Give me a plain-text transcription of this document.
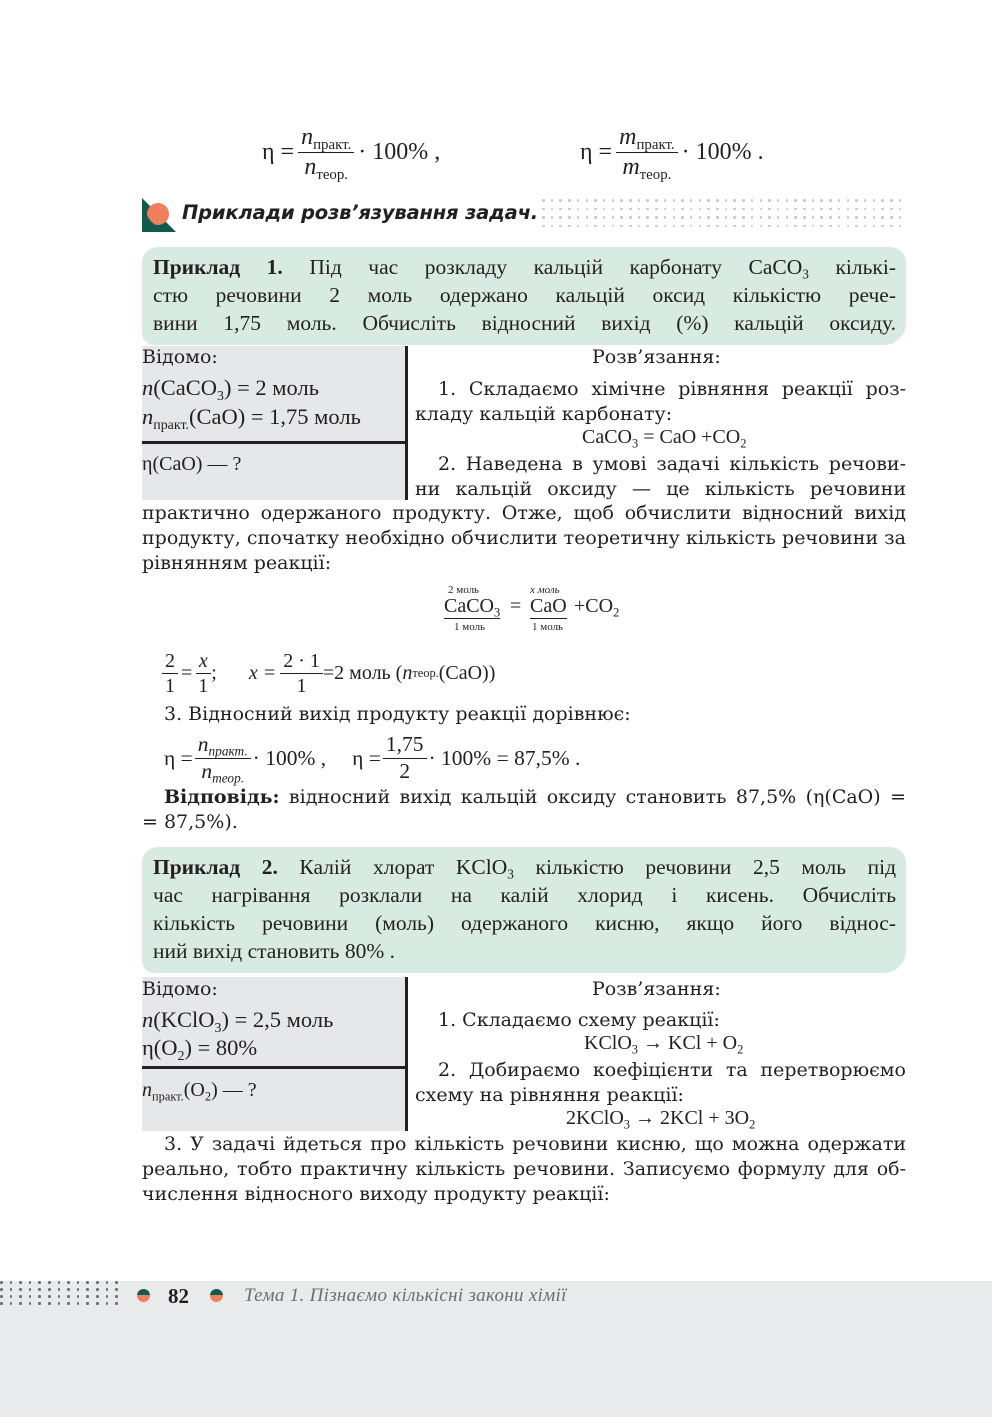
$\eta = \frac{n_{практ.}}{n_{теор.}} \cdot 100\%$ ,	$\eta = \frac{m_{практ.}}{m_{теор.}} \cdot 100\%$ .
Приклади розв’язування задач.
Приклад 1. Під час розкладу кальцій карбонату CaCO$_3$ кількі-
стю речовини 2 моль одержано кальцій оксид кількістю рече-
вини 1,75 моль. Обчисліть відносний вихід (%) кальцій оксиду.
Відомо:
n(CaCO$_3$) = 2 моль
$n_{практ.}(CaO) = 1,75$ моль
η(CaO) — ?
Розв’язання:
1. Складаємо хімічне рівняння реакції роз-
кладу кальцій карбонату:
CaCO$_3$ = CaO $+CO_2$
2. Наведена в умові задачі кількість речови-
ни кальцій оксиду — це кількість речовини
практично одержаного продукту. Отже, щоб обчислити відносний вихід
продукту, спочатку необхідно обчислити теоретичну кількість речовини за
рівнянням реакції:
2 моль	x моль
CaCO$_3$ = CaO $+CO_2$
1 моль	1 моль
$\frac{2}{1} = \frac{x}{1}$ ; $x = \frac{2 \cdot 1}{1} =2$ моль ( n теор. (CaO))
3. Відносний вихід продукту реакції дорівнює:
$\eta = \frac{n_{практ.}}{n_{теор.}} \cdot 100\%$ , $\eta = \frac{1,75}{2} \cdot 100\% = 87,5\%$ .
Відповідь: відносний вихід кальцій оксиду становить 87,5% (η(CaO) =
= 87,5%).
Приклад 2. Калій хлорат KClO$_3$ кількістю речовини 2,5 моль під
час нагрівання розклали на калій хлорид і кисень. Обчисліть
кількість речовини (моль) одержаного кисню, якщо його віднос-
ний вихід становить 80% .
Відомо:
n(KClO$_3$) = 2,5 моль
$\eta(O_2) = 80\%$
$n_{практ.}(O_2)$ — ?
Розв’язання:
1. Складаємо схему реакції:
KClO$_3$ → KCl + $O_2$
2. Добираємо коефіцієнти та перетворюємо
схему на рівняння реакції:
2KClO$_3$ → $2KCl + 3O_2$
3. У задачі йдеться про кількість речовини кисню, що можна одержати
реально, тобто практичну кількість речовини. Записуємо формулу для об-
числення відносного виходу продукту реакції:
82	Тема 1. Пізнаємо кількісні закони хімії
